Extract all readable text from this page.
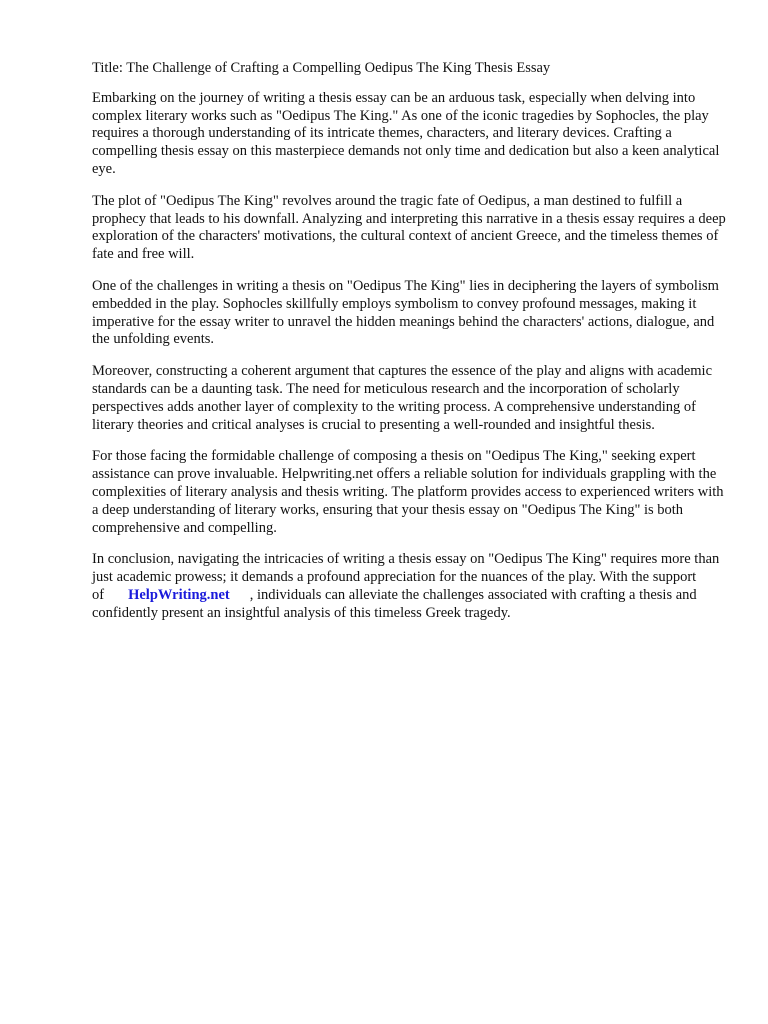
Title: The Challenge of Crafting a Compelling Oedipus The King Thesis Essay

Embarking on the journey of writing a thesis essay can be an arduous task, especially when delving into complex literary works such as "Oedipus The King." As one of the iconic tragedies by Sophocles, the play requires a thorough understanding of its intricate themes, characters, and literary devices. Crafting a compelling thesis essay on this masterpiece demands not only time and dedication but also a keen analytical eye.

The plot of "Oedipus The King" revolves around the tragic fate of Oedipus, a man destined to fulfill a prophecy that leads to his downfall. Analyzing and interpreting this narrative in a thesis essay requires a deep exploration of the characters' motivations, the cultural context of ancient Greece, and the timeless themes of fate and free will.

One of the challenges in writing a thesis on "Oedipus The King" lies in deciphering the layers of symbolism embedded in the play. Sophocles skillfully employs symbolism to convey profound messages, making it imperative for the essay writer to unravel the hidden meanings behind the characters' actions, dialogue, and the unfolding events.

Moreover, constructing a coherent argument that captures the essence of the play and aligns with academic standards can be a daunting task. The need for meticulous research and the incorporation of scholarly perspectives adds another layer of complexity to the writing process. A comprehensive understanding of literary theories and critical analyses is crucial to presenting a well-rounded and insightful thesis.

For those facing the formidable challenge of composing a thesis on "Oedipus The King," seeking expert assistance can prove invaluable. Helpwriting.net offers a reliable solution for individuals grappling with the complexities of literary analysis and thesis writing. The platform provides access to experienced writers with a deep understanding of literary works, ensuring that your thesis essay on "Oedipus The King" is both comprehensive and compelling.

In conclusion, navigating the intricacies of writing a thesis essay on "Oedipus The King" requires more than just academic prowess; it demands a profound appreciation for the nuances of the play. With the support of HelpWriting.net , individuals can alleviate the challenges associated with crafting a thesis and confidently present an insightful analysis of this timeless Greek tragedy.
